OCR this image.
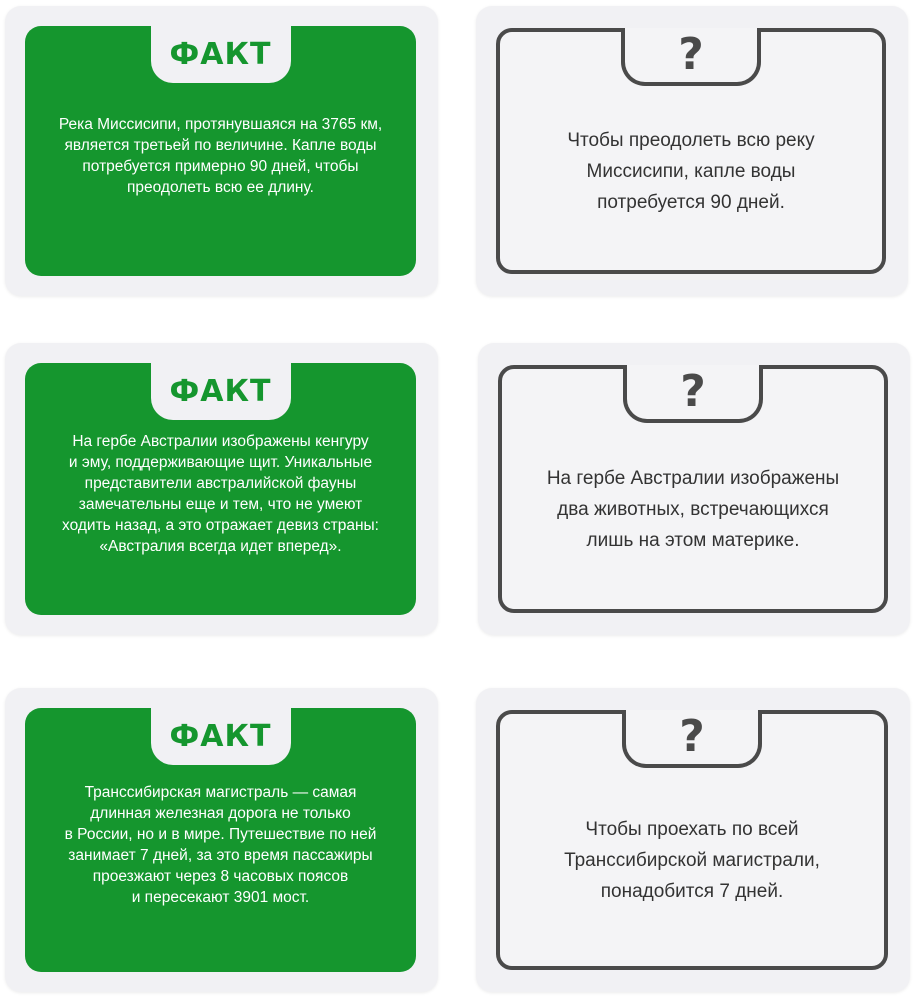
ФАКТ
Река Миссисипи, протянувшаяся на 3765 км,
является третьей по величине. Капле воды
потребуется примерно 90 дней, чтобы
преодолеть всю ее длину.
?
Чтобы преодолеть всю реку
Миссисипи, капле воды
потребуется 90 дней.
ФАКТ
На гербе Австралии изображены кенгуру
и эму, поддерживающие щит. Уникальные
представители австралийской фауны
замечательны еще и тем, что не умеют
ходить назад, а это отражает девиз страны:
«Австралия всегда идет вперед».
?
На гербе Австралии изображены
два животных, встречающихся
лишь на этом материке.
ФАКТ
Транссибирская магистраль — самая
длинная железная дорога не только
в России, но и в мире. Путешествие по ней
занимает 7 дней, за это время пассажиры
проезжают через 8 часовых поясов
и пересекают 3901 мост.
?
Чтобы проехать по всей
Транссибирской магистрали,
понадобится 7 дней.
